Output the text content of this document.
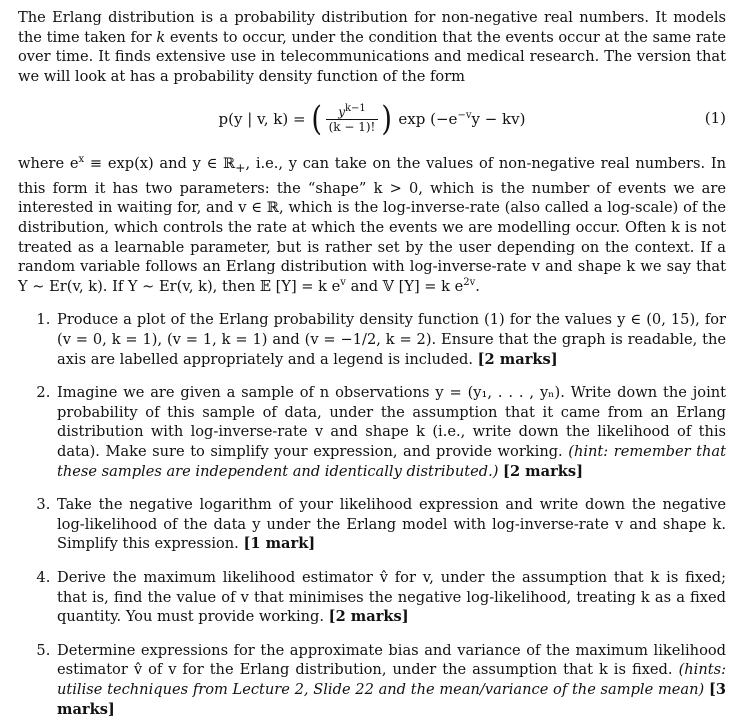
The Erlang distribution is a probability distribution for non-negative real numbers. It models the time taken for k events to occur, under the condition that the events occur at the same rate over time. It finds extensive use in telecommunications and medical research. The version that we will look at has a probability density function of the form

p(y | v, k) =
( $\frac{y^{k-1}}{(k - 1)!}$ )
$\exp (-e^{-v}y - kv)$	(1)

where $e^x \equiv \exp(x)$ and y ∈ ℝ$_+$, i.e., y can take on the values of non-negative real numbers. In this form it has two parameters: the “shape” k > 0, which is the number of events we are interested in waiting for, and v ∈ ℝ, which is the log-inverse-rate (also called a log-scale) of the distribution, which controls the rate at which the events we are modelling occur. Often k is not treated as a learnable parameter, but is rather set by the user depending on the context. If a random variable follows an Erlang distribution with log-inverse-rate v and shape k we say that Y ∼ Er(v, k). If Y ∼ Er(v, k), then 𝔼 [Y] = k $e^v$ and 𝕍 [Y] = k $e^{2v}$.

1. Produce a plot of the Erlang probability density function (1) for the values y ∈ (0, 15), for (v = 0, k = 1), (v = 1, k = 1) and (v = −1/2, k = 2). Ensure that the graph is readable, the axis are labelled appropriately and a legend is included. [2 marks]
2. Imagine we are given a sample of n observations y = (y₁, . . . , yₙ). Write down the joint probability of this sample of data, under the assumption that it came from an Erlang distribution with log-inverse-rate v and shape k (i.e., write down the likelihood of this data). Make sure to simplify your expression, and provide working. (hint: remember that these samples are independent and identically distributed.) [2 marks]
3. Take the negative logarithm of your likelihood expression and write down the negative log-likelihood of the data y under the Erlang model with log-inverse-rate v and shape k. Simplify this expression. [1 mark]
4. Derive the maximum likelihood estimator v̂ for v, under the assumption that k is fixed; that is, find the value of v that minimises the negative log-likelihood, treating k as a fixed quantity. You must provide working. [2 marks]
5. Determine expressions for the approximate bias and variance of the maximum likelihood estimator v̂ of v for the Erlang distribution, under the assumption that k is fixed. (hints: utilise techniques from Lecture 2, Slide 22 and the mean/variance of the sample mean) [3 marks]
